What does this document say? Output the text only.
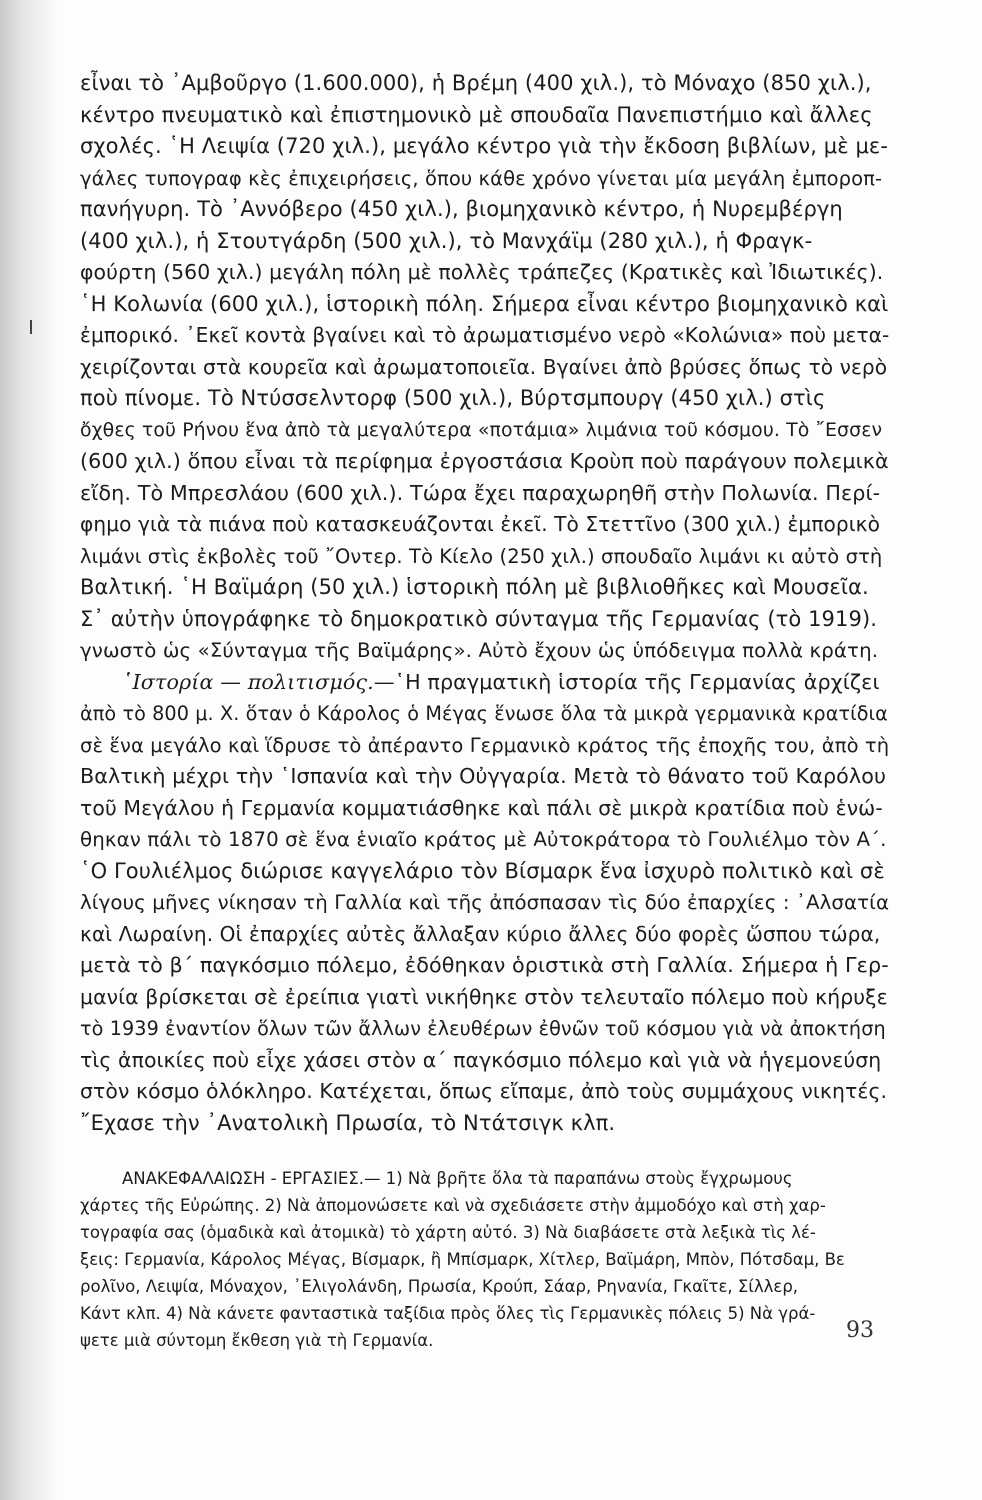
εἶναι τὸ ᾿Αμβοῦργο (1.600.000), ἡ Βρέμη (400 χιλ.), τὸ Μόναχο (850 χιλ.),
κέντρο πνευματικὸ καὶ ἐπιστημονικὸ μὲ σπουδαῖα Πανεπιστήμιο καὶ ἄλλες
σχολές. ῾Η Λειψία (720 χιλ.), μεγάλο κέντρο γιὰ τὴν ἔκδοση βιβλίων, μὲ με-
γάλες τυπογραφ κὲς ἐπιχειρήσεις, ὅπου κάθε χρόνο γίνεται μία μεγάλη ἐμποροπ-
πανήγυρη. Τὸ ᾿Αννόβερο (450 χιλ.), βιομηχανικὸ κέντρο, ἡ Νυρεμβέργη
(400 χιλ.), ἡ Στουτγάρδη (500 χιλ.), τὸ Μανχάϊμ (280 χιλ.), ἡ Φραγκ-
φούρτη (560 χιλ.) μεγάλη πόλη μὲ πολλὲς τράπεζες (Κρατικὲς καὶ Ἰδιωτικές).
῾Η Κολωνία (600 χιλ.), ἱστορικὴ πόλη. Σήμερα εἶναι κέντρο βιομηχανικὸ καὶ
ἐμπορικό. ᾿Εκεῖ κοντὰ βγαίνει καὶ τὸ ἀρωματισμένο νερὸ «Κολώνια» ποὺ μετα-
χειρίζονται στὰ κουρεῖα καὶ ἀρωματοποιεῖα. Βγαίνει ἀπὸ βρύσες ὅπως τὸ νερὸ
ποὺ πίνομε. Τὸ Ντύσσελντορφ (500 χιλ.), Βύρτσμπουργ (450 χιλ.) στὶς
ὄχθες τοῦ Ρήνου ἕνα ἀπὸ τὰ μεγαλύτερα «ποτάμια» λιμάνια τοῦ κόσμου. Τὸ ῎Εσσεν
(600 χιλ.) ὅπου εἶναι τὰ περίφημα ἐργοστάσια Κροὺπ ποὺ παράγουν πολεμικὰ
εἴδη. Τὸ Μπρεσλάου (600 χιλ.). Τώρα ἔχει παραχωρηθῆ στὴν Πολωνία. Περί-
φημο γιὰ τὰ πιάνα ποὺ κατασκευάζονται ἐκεῖ. Τὸ Στεττῖνο (300 χιλ.) ἐμπορικὸ
λιμάνι στὶς ἐκβολὲς τοῦ ῎Οντερ. Τὸ Κίελο (250 χιλ.) σπουδαῖο λιμάνι κι αὐτὸ στὴ
Βαλτική. ῾Η Βαϊμάρη (50 χιλ.) ἱστορικὴ πόλη μὲ βιβλιοθῆκες καὶ Μουσεῖα.
Σ᾿ αὐτὴν ὑπογράφηκε τὸ δημοκρατικὸ σύνταγμα τῆς Γερμανίας (τὸ 1919).
γνωστὸ ὡς «Σύνταγμα τῆς Βαϊμάρης». Αὐτὸ ἔχουν ὡς ὑπόδειγμα πολλὰ κράτη.
῾Ιστορία — πολιτισμός.—῾Η πραγματικὴ ἱστορία τῆς Γερμανίας ἀρχίζει
ἀπὸ τὸ 800 μ. Χ. ὅταν ὁ Κάρολος ὁ Μέγας ἕνωσε ὅλα τὰ μικρὰ γερμανικὰ κρατίδια
σὲ ἕνα μεγάλο καὶ ἵδρυσε τὸ ἀπέραντο Γερμανικὸ κράτος τῆς ἐποχῆς του, ἀπὸ τὴ
Βαλτικὴ μέχρι τὴν ῾Ισπανία καὶ τὴν Οὐγγαρία. Μετὰ τὸ θάνατο τοῦ Καρόλου
τοῦ Μεγάλου ἡ Γερμανία κομματιάσθηκε καὶ πάλι σὲ μικρὰ κρατίδια ποὺ ἑνώ-
θηκαν πάλι τὸ 1870 σὲ ἕνα ἑνιαῖο κράτος μὲ Αὐτοκράτορα τὸ Γουλιέλμο τὸν Α΄.
῾Ο Γουλιέλμος διώρισε καγγελάριο τὸν Βίσμαρκ ἕνα ἰσχυρὸ πολιτικὸ καὶ σὲ
λίγους μῆνες νίκησαν τὴ Γαλλία καὶ τῆς ἀπόσπασαν τὶς δύο ἐπαρχίες : ᾿Αλσατία
καὶ Λωραίνη. Οἱ ἐπαρχίες αὐτὲς ἄλλαξαν κύριο ἄλλες δύο φορὲς ὥσπου τώρα,
μετὰ τὸ β΄ παγκόσμιο πόλεμο, ἐδόθηκαν ὁριστικὰ στὴ Γαλλία. Σήμερα ἡ Γερ-
μανία βρίσκεται σὲ ἐρείπια γιατὶ νικήθηκε στὸν τελευταῖο πόλεμο ποὺ κήρυξε
τὸ 1939 ἐναντίον ὅλων τῶν ἄλλων ἐλευθέρων ἐθνῶν τοῦ κόσμου γιὰ νὰ ἀποκτήση
τὶς ἀποικίες ποὺ εἶχε χάσει στὸν α΄ παγκόσμιο πόλεμο καὶ γιὰ νὰ ἡγεμονεύση
στὸν κόσμο ὁλόκληρο. Κατέχεται, ὅπως εἴπαμε, ἀπὸ τοὺς συμμάχους νικητές.
῎Εχασε τὴν ᾿Ανατολικὴ Πρωσία, τὸ Ντάτσιγκ κλπ.
ΑΝΑΚΕΦΑΛΑΙΩΣΗ - ΕΡΓΑΣΙΕΣ.— 1) Νὰ βρῆτε ὅλα τὰ παραπάνω στοὺς ἔγχρωμους
χάρτες τῆς Εὐρώπης. 2) Νὰ ἀπομονώσετε καὶ νὰ σχεδιάσετε στὴν ἀμμοδόχο καὶ στὴ χαρ-
τογραφία σας (ὁμαδικὰ καὶ ἀτομικὰ) τὸ χάρτη αὐτό. 3) Νὰ διαβάσετε στὰ λεξικὰ τὶς λέ-
ξεις: Γερμανία, Κάρολος Μέγας, Βίσμαρκ, ἢ Μπίσμαρκ, Χίτλερ, Βαϊμάρη, Μπὸν, Πότσδαμ, Βε
ρολῖνο, Λειψία, Μόναχον, ᾿Ελιγολάνδη, Πρωσία, Κρούπ, Σάαρ, Ρηνανία, Γκαῖτε, Σίλλερ,
Κάντ κλπ. 4) Νὰ κάνετε φανταστικὰ ταξίδια πρὸς ὅλες τὶς Γερμανικὲς πόλεις 5) Νὰ γρά-
ψετε μιὰ σύντομη ἔκθεση γιὰ τὴ Γερμανία.	93
